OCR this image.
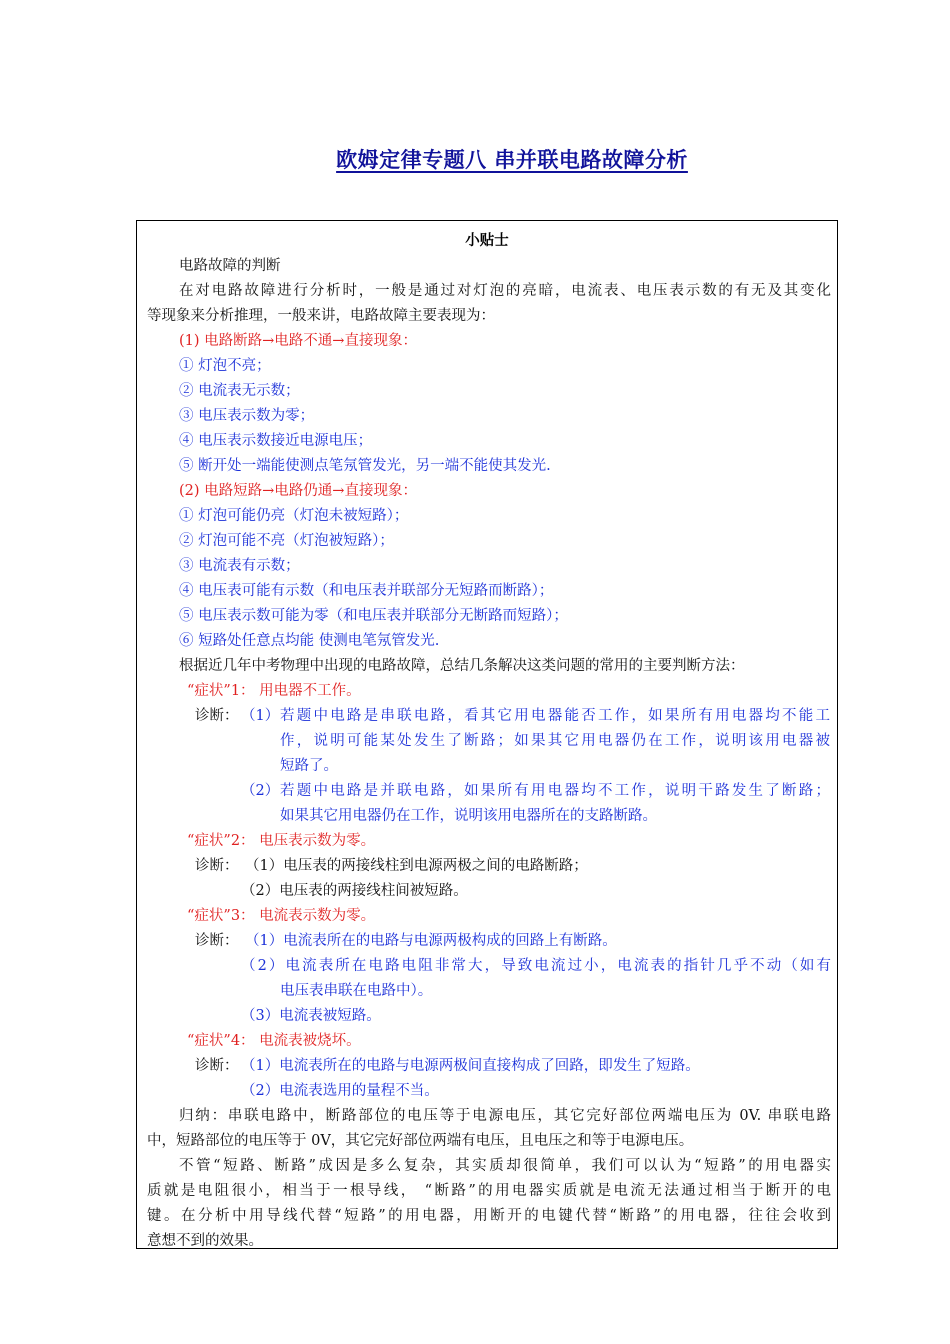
欧姆定律专题八 串并联电路故障分析
小贴士
电路故障的判断
在对电路故障进行分析时，一般是通过对灯泡的亮暗，电流表、电压表示数的有无及其变化
等现象来分析推理，一般来讲，电路故障主要表现为：
(1) 电路断路→电路不通→直接现象：
① 灯泡不亮；
② 电流表无示数；
③ 电压表示数为零；
④ 电压表示数接近电源电压；
⑤ 断开处一端能使测点笔氖管发光，另一端不能使其发光.
(2) 电路短路→电路仍通→直接现象：
① 灯泡可能仍亮（灯泡未被短路）；
② 灯泡可能不亮（灯泡被短路）；
③ 电流表有示数；
④ 电压表可能有示数（和电压表并联部分无短路而断路）；
⑤ 电压表示数可能为零（和电压表并联部分无断路而短路）；
⑥ 短路处任意点均能 使测电笔氖管发光.
根据近几年中考物理中出现的电路故障，总结几条解决这类问题的常用的主要判断方法：
“症状”1： 用电器不工作。
诊断： （1） 若题中电路是串联电路，看其它用电器能否工作，如果所有用电器均不能工
作，说明可能某处发生了断路；如果其它用电器仍在工作，说明该用电器被
短路了。
（2） 若题中电路是并联电路，如果所有用电器均不工作，说明干路发生了断路；
如果其它用电器仍在工作，说明该用电器所在的支路断路。
“症状”2： 电压表示数为零。
诊断： （1）电压表的两接线柱到电源两极之间的电路断路；
（2）电压表的两接线柱间被短路。
“症状”3： 电流表示数为零。
诊断： （1）电流表所在的电路与电源两极构成的回路上有断路。
（2）电流表所在电路电阻非常大，导致电流过小，电流表的指针几乎不动（如有
电压表串联在电路中）。
（3）电流表被短路。
“症状”4： 电流表被烧坏。
诊断： （1）电流表所在的电路与电源两极间直接构成了回路，即发生了短路。
（2）电流表选用的量程不当。
归纳：串联电路中，断路部位的电压等于电源电压，其它完好部位两端电压为 0V. 串联电路
中，短路部位的电压等于 0V，其它完好部位两端有电压，且电压之和等于电源电压。
不管“短路、断路”成因是多么复杂，其实质却很简单，我们可以认为“短路”的用电器实
质就是电阻很小，相当于一根导线， “断路”的用电器实质就是电流无法通过相当于断开的电
键。在分析中用导线代替“短路”的用电器，用断开的电键代替“断路”的用电器，往往会收到
意想不到的效果。
